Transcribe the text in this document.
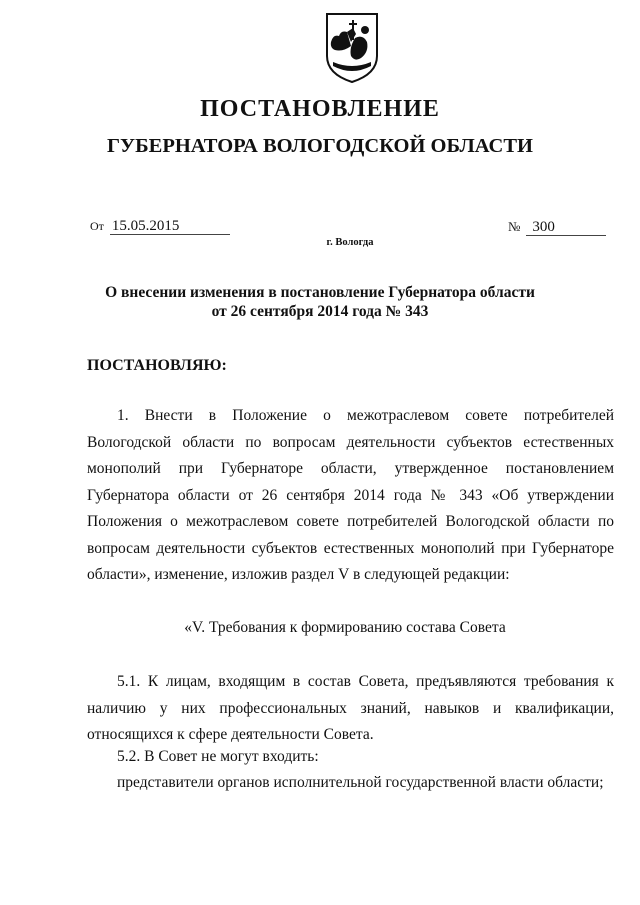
ПОСТАНОВЛЕНИЕ
ГУБЕРНАТОРА ВОЛОГОДСКОЙ ОБЛАСТИ
От 15.05.2015	№ 300
г. Вологда
О внесении изменения в постановление Губернатора области
от 26 сентября 2014 года № 343
ПОСТАНОВЛЯЮ:
1. Внести в Положение о межотраслевом совете потребителей Вологодской области по вопросам деятельности субъектов естественных монополий при Губернаторе области, утвержденное постановлением Губернатора области от 26 сентября 2014 года № 343 «Об утверждении Положения о межотраслевом совете потребителей Вологодской области по вопросам деятельности субъектов естественных монополий при Губернаторе области», изменение, изложив раздел V в следующей редакции:
«V. Требования к формированию состава Совета
5.1. К лицам, входящим в состав Совета, предъявляются требования к наличию у них профессиональных знаний, навыков и квалификации, относящихся к сфере деятельности Совета.
5.2. В Совет не могут входить:
представители органов исполнительной государственной власти области;
